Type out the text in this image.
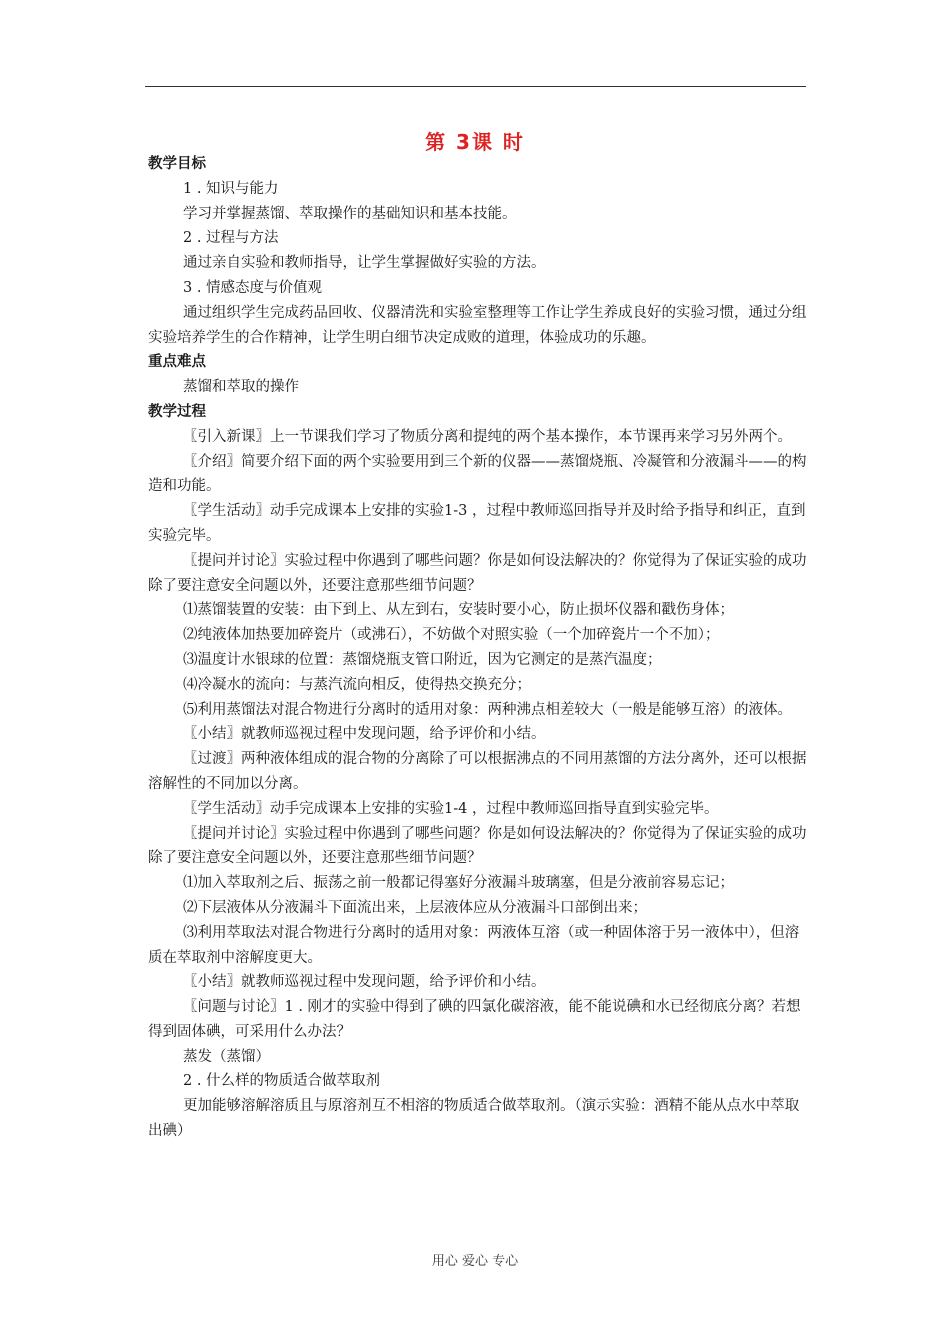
第 3课 时

教学目标

1 . 知识与能力

学习并掌握蒸馏、萃取操作的基础知识和基本技能。

2 . 过程与方法

通过亲自实验和教师指导，让学生掌握做好实验的方法。

3 . 情感态度与价值观

通过组织学生完成药品回收、仪器清洗和实验室整理等工作让学生养成良好的实验习惯，通过分组实验培养学生的合作精神，让学生明白细节决定成败的道理，体验成功的乐趣。

重点难点

蒸馏和萃取的操作

教学过程

〖引入新课〗上一节课我们学习了物质分离和提纯的两个基本操作，本节课再来学习另外两个。

〖介绍〗简要介绍下面的两个实验要用到三个新的仪器——蒸馏烧瓶、冷凝管和分液漏斗——的构造和功能。

〖学生活动〗动手完成课本上安排的实验1-3 ，过程中教师巡回指导并及时给予指导和纠正，直到实验完毕。

〖提问并讨论〗实验过程中你遇到了哪些问题？你是如何设法解决的？你觉得为了保证实验的成功除了要注意安全问题以外，还要注意那些细节问题？

⑴蒸馏装置的安装：由下到上、从左到右，安装时要小心，防止损坏仪器和戳伤身体；

⑵纯液体加热要加碎瓷片（或沸石），不妨做个对照实验（一个加碎瓷片一个不加）；

⑶温度计水银球的位置：蒸馏烧瓶支管口附近，因为它测定的是蒸汽温度；

⑷冷凝水的流向：与蒸汽流向相反，使得热交换充分；

⑸利用蒸馏法对混合物进行分离时的适用对象：两种沸点相差较大（一般是能够互溶）的液体。

〖小结〗就教师巡视过程中发现问题，给予评价和小结。

〖过渡〗两种液体组成的混合物的分离除了可以根据沸点的不同用蒸馏的方法分离外，还可以根据溶解性的不同加以分离。

〖学生活动〗动手完成课本上安排的实验1-4 ，过程中教师巡回指导直到实验完毕。

〖提问并讨论〗实验过程中你遇到了哪些问题？你是如何设法解决的？你觉得为了保证实验的成功除了要注意安全问题以外，还要注意那些细节问题？

⑴加入萃取剂之后、振荡之前一般都记得塞好分液漏斗玻璃塞，但是分液前容易忘记；

⑵下层液体从分液漏斗下面流出来，上层液体应从分液漏斗口部倒出来；

⑶利用萃取法对混合物进行分离时的适用对象：两液体互溶（或一种固体溶于另一液体中），但溶质在萃取剂中溶解度更大。

〖小结〗就教师巡视过程中发现问题，给予评价和小结。

〖问题与讨论〗1 . 刚才的实验中得到了碘的四氯化碳溶液，能不能说碘和水已经彻底分离？若想得到固体碘，可采用什么办法？

蒸发（蒸馏）

2 . 什么样的物质适合做萃取剂

更加能够溶解溶质且与原溶剂互不相溶的物质适合做萃取剂。（演示实验：酒精不能从点水中萃取出碘）

用心 爱心 专心
